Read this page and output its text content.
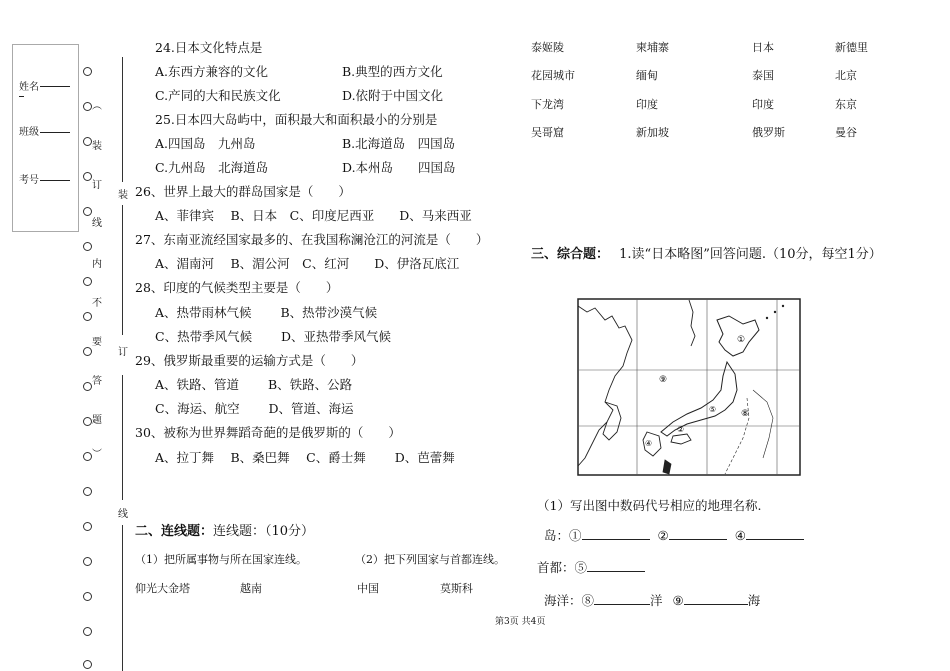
姓名
班级
考号
︵
装
订
线
内
不
要
答
题
︶
装
订
线
24.日本文化特点是
A.东西方兼容的文化	B.典型的西方文化
C.产同的大和民族文化	D.依附于中国文化
25.日本四大岛屿中，面积最大和面积最小的分别是
A.四国岛　九州岛	B.北海道岛　四国岛
C.九州岛　北海道岛	D.本州岛　　四国岛
26、世界上最大的群岛国家是（　　）
A、菲律宾　 B、日本　C、印度尼西亚　　D、马来西亚
27、东南亚流经国家最多的、在我国称澜沧江的河流是（　　）
A、湄南河　 B、湄公河　C、红河　　D、伊洛瓦底江
28、印度的气候类型主要是（　　）
A、热带雨林气候　　 B、热带沙漠气候
C、热带季风气候　　 D、亚热带季风气候
29、俄罗斯最重要的运输方式是（　　）
A、铁路、管道　　 B、铁路、公路
C、海运、航空　　 D、管道、海运
30、被称为世界舞蹈奇葩的是俄罗斯的（　　）
A、拉丁舞　 B、桑巴舞　 C、爵士舞　　 D、芭蕾舞
二、连线题：连线题：（10分）
（1）把所属事物与所在国家连线。	（2）把下列国家与首都连线。
仰光大金塔	越南	中国	莫斯科
泰姬陵	柬埔寨	日本	新德里
花园城市	缅甸	泰国	北京
下龙湾	印度	印度	东京
吴哥窟	新加坡	俄罗斯	曼谷
三、综合题： 1.读“日本略图”回答问题.（10分，每空1分）
①
⑨
⑧
⑤
②
④
（1）写出图中数码代号相应的地理名称.
岛：①	②	④
首都：⑤
海洋：⑧	洋 ⑨	海
第3页 共4页
